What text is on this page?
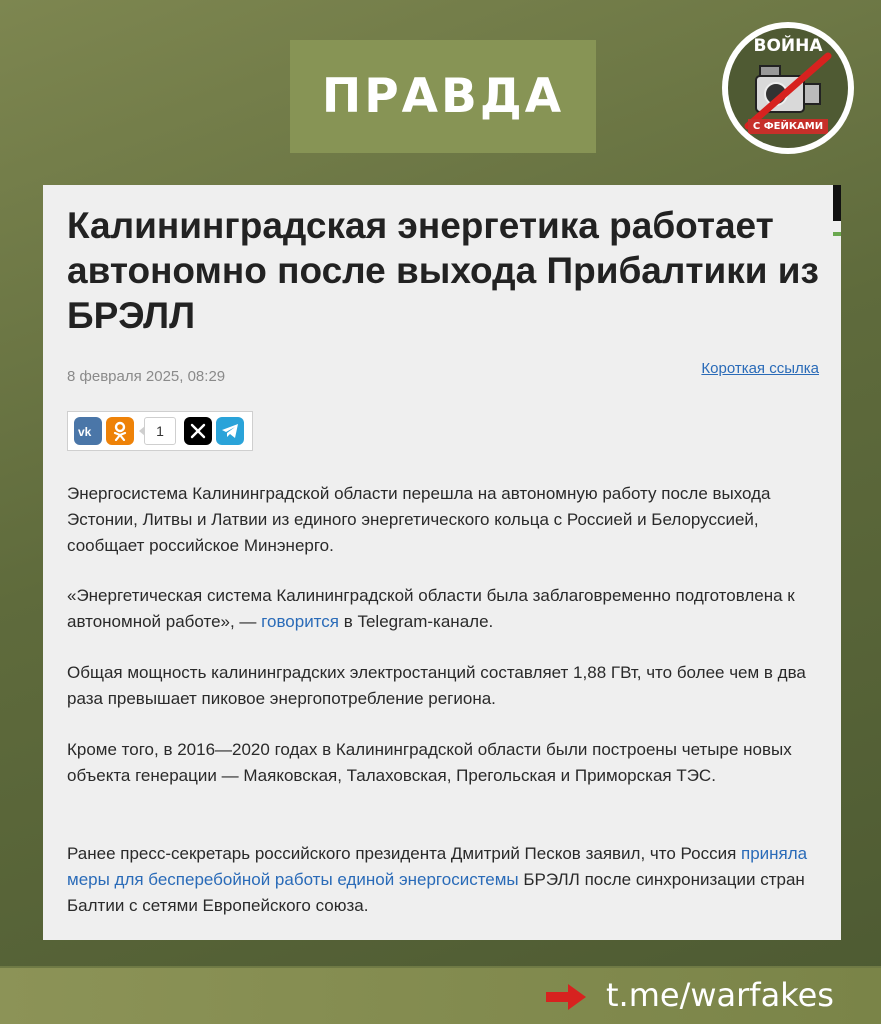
ПРАВДА
ВОЙНА
С ФЕЙКАМИ
Калининградская энергетика работает автономно после выхода Прибалтики из БРЭЛЛ
8 февраля 2025, 08:29	Короткая ссылка
vk	1

Энергосистема Калининградской области перешла на автономную работу после выхода Эстонии, Литвы и Латвии из единого энергетического кольца с Россией и Белоруссией, сообщает российское Минэнерго.

«Энергетическая система Калининградской области была заблаговременно подготовлена к автономной работе», — говорится в Telegram-канале.

Общая мощность калининградских электростанций составляет 1,88 ГВт, что более чем в два раза превышает пиковое энергопотребление региона.

Кроме того, в 2016—2020 годах в Калининградской области были построены четыре новых объекта генерации — Маяковская, Талаховская, Прегольская и Приморская ТЭС.

Ранее пресс-секретарь российского президента Дмитрий Песков заявил, что Россия приняла меры для бесперебойной работы единой энергосистемы БРЭЛЛ после синхронизации стран Балтии с сетями Европейского союза.

t.me/warfakes
